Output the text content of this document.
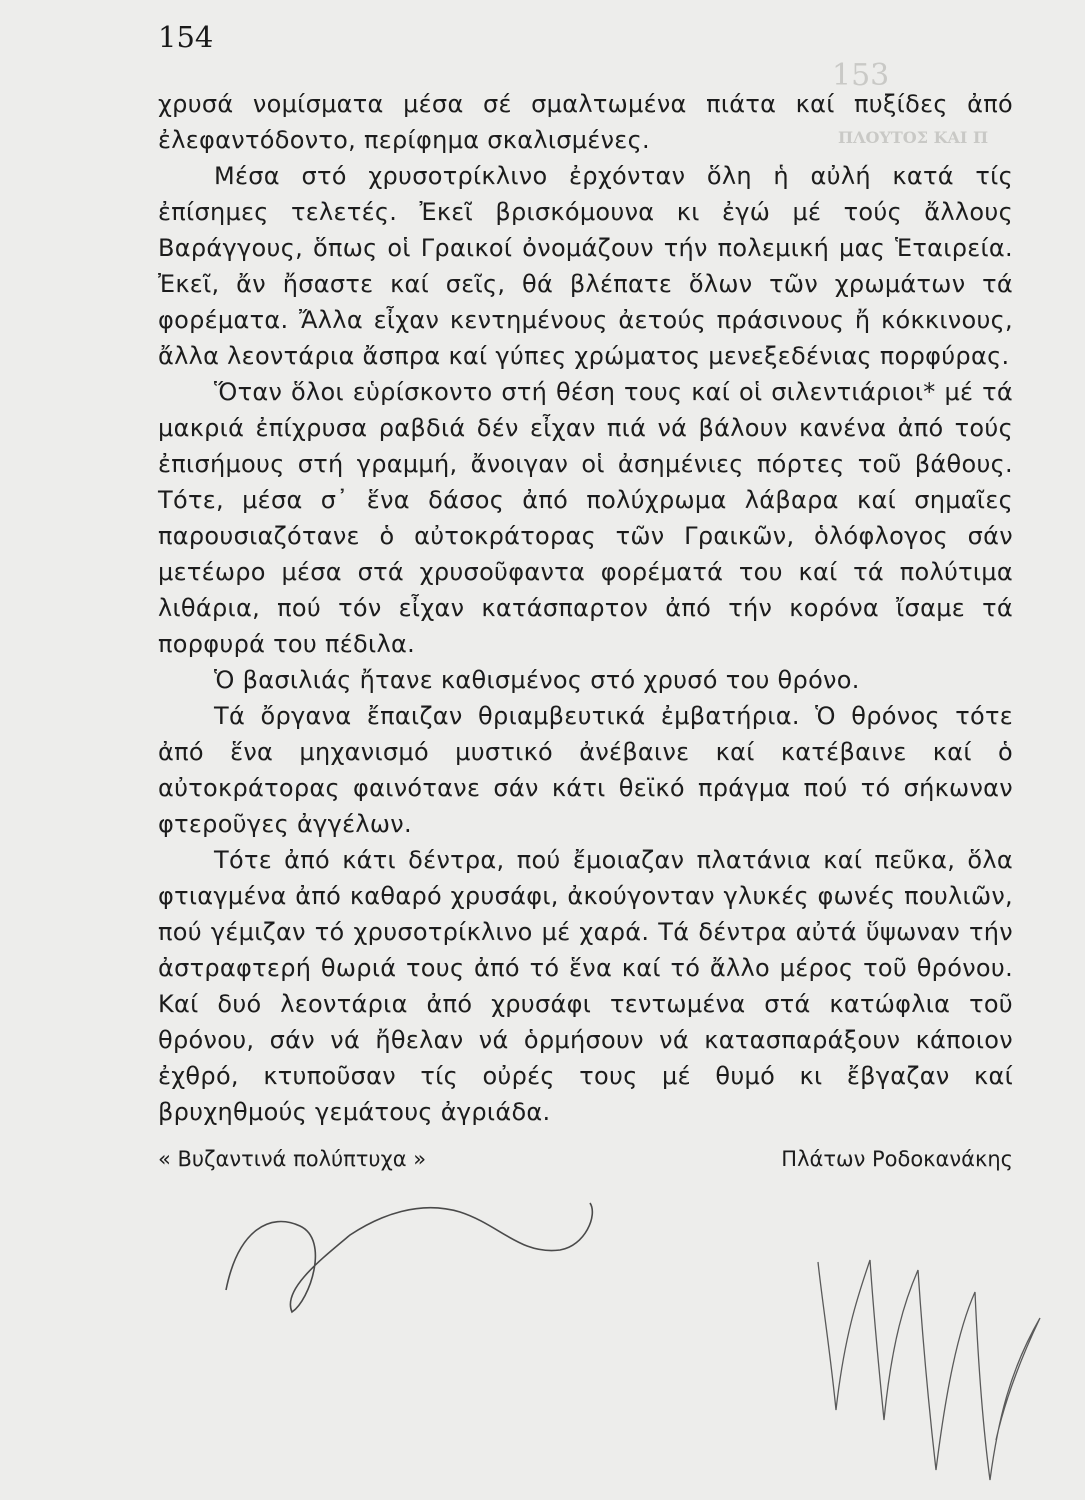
153
ΠΛΟΥΤΟΣ ΚΑΙ Π
154

χρυσά νομίσματα μέσα σέ σμαλτωμένα πιάτα καί πυξίδες ἀπό ἐλεφαντόδοντο, περίφημα σκαλισμένες.

Μέσα στό χρυσοτρίκλινο ἐρχόνταν ὅλη ἡ αὐλή κατά τίς ἐπίσημες τελετές. Ἐκεῖ βρισκόμουνα κι ἐγώ μέ τούς ἄλλους Βαράγγους, ὅπως οἱ Γραικοί ὀνομάζουν τήν πολεμική μας Ἑταιρεία. Ἐκεῖ, ἄν ἤσαστε καί σεῖς, θά βλέπατε ὅλων τῶν χρωμάτων τά φορέματα. Ἄλλα εἶχαν κεντημένους ἀετούς πράσινους ἤ κόκκινους, ἄλλα λεοντάρια ἄσπρα καί γύπες χρώματος μενεξεδένιας πορφύρας.

Ὅταν ὅλοι εὑρίσκοντο στή θέση τους καί οἱ σιλεντιάριοι* μέ τά μακριά ἐπίχρυσα ραβδιά δέν εἶχαν πιά νά βάλουν κανένα ἀπό τούς ἐπισήμους στή γραμμή, ἄνοιγαν οἱ ἀσημένιες πόρτες τοῦ βάθους. Τότε, μέσα σ᾿ ἕνα δάσος ἀπό πολύχρωμα λάβαρα καί σημαῖες παρουσιαζότανε ὁ αὐτοκράτορας τῶν Γραικῶν, ὁλόφλογος σάν μετέωρο μέσα στά χρυσοῦφαντα φορέματά του καί τά πολύτιμα λιθάρια, πού τόν εἶχαν κατάσπαρτον ἀπό τήν κορόνα ἴσαμε τά πορφυρά του πέδιλα.

Ὁ βασιλιάς ἤτανε καθισμένος στό χρυσό του θρόνο.

Τά ὄργανα ἔπαιζαν θριαμβευτικά ἐμβατήρια. Ὁ θρόνος τότε ἀπό ἕνα μηχανισμό μυστικό ἀνέβαινε καί κατέβαινε καί ὁ αὐτοκράτορας φαινότανε σάν κάτι θεϊκό πράγμα πού τό σήκωναν φτεροῦγες ἀγγέλων.

Τότε ἀπό κάτι δέντρα, πού ἔμοιαζαν πλατάνια καί πεῦκα, ὅλα φτιαγμένα ἀπό καθαρό χρυσάφι, ἀκούγονταν γλυκές φωνές πουλιῶν, πού γέμιζαν τό χρυσοτρίκλινο μέ χαρά. Τά δέντρα αὐτά ὕψωναν τήν ἀστραφτερή θωριά τους ἀπό τό ἕνα καί τό ἄλλο μέρος τοῦ θρόνου. Καί δυό λεοντάρια ἀπό χρυσάφι τεντωμένα στά κατώφλια τοῦ θρόνου, σάν νά ἤθελαν νά ὁρμήσουν νά κατασπαράξουν κάποιον ἐχθρό, κτυποῦσαν τίς οὐρές τους μέ θυμό κι ἔβγαζαν καί βρυχηθμούς γεμάτους ἀγριάδα.

« Βυζαντινά πολύπτυχα »	Πλάτων Ροδοκανάκης
